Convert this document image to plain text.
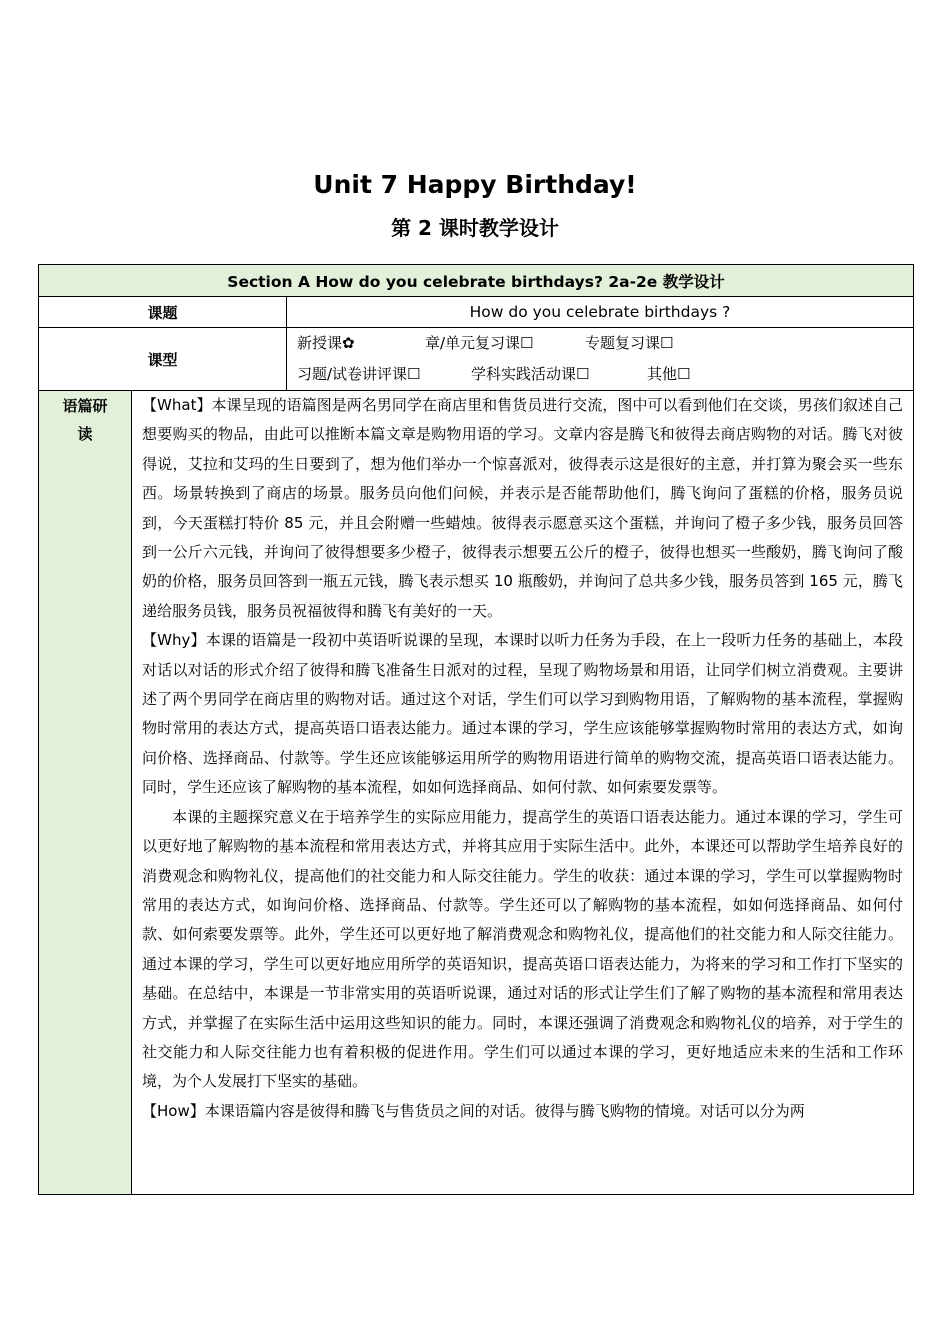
Unit 7 Happy Birthday!
第 2 课时教学设计
Section A How do you celebrate birthdays? 2a-2e 教学设计		
课题		How do you celebrate birthdays ?
课型		新授课✿ 章/单元复习课☐ 专题复习课☐
习题/试卷讲评课☐ 学科实践活动课☐ 其他☐

语篇研读	【What】本课呈现的语篇图是两名男同学在商店里和售货员进行交流，图中可以看到他们在交谈，男孩们叙述自己想要购买的物品，由此可以推断本篇文章是购物用语的学习。文章内容是腾飞和彼得去商店购物的对话。腾飞对彼得说，艾拉和艾玛的生日要到了，想为他们举办一个惊喜派对，彼得表示这是很好的主意，并打算为聚会买一些东西。场景转换到了商店的场景。服务员向他们问候，并表示是否能帮助他们，腾飞询问了蛋糕的价格，服务员说到，今天蛋糕打特价 85 元，并且会附赠一些蜡烛。彼得表示愿意买这个蛋糕，并询问了橙子多少钱，服务员回答到一公斤六元钱，并询问了彼得想要多少橙子，彼得表示想要五公斤的橙子，彼得也想买一些酸奶，腾飞询问了酸奶的价格，服务员回答到一瓶五元钱，腾飞表示想买 10 瓶酸奶，并询问了总共多少钱，服务员答到 165 元，腾飞递给服务员钱，服务员祝福彼得和腾飞有美好的一天。

【Why】本课的语篇是一段初中英语听说课的呈现，本课时以听力任务为手段，在上一段听力任务的基础上，本段对话以对话的形式介绍了彼得和腾飞准备生日派对的过程，呈现了购物场景和用语，让同学们树立消费观。主要讲述了两个男同学在商店里的购物对话。通过这个对话，学生们可以学习到购物用语，了解购物的基本流程，掌握购物时常用的表达方式，提高英语口语表达能力。通过本课的学习，学生应该能够掌握购物时常用的表达方式，如询问价格、选择商品、付款等。学生还应该能够运用所学的购物用语进行简单的购物交流，提高英语口语表达能力。同时，学生还应该了解购物的基本流程，如如何选择商品、如何付款、如何索要发票等。

本课的主题探究意义在于培养学生的实际应用能力，提高学生的英语口语表达能力。通过本课的学习，学生可以更好地了解购物的基本流程和常用表达方式，并将其应用于实际生活中。此外，本课还可以帮助学生培养良好的消费观念和购物礼仪，提高他们的社交能力和人际交往能力。学生的收获：通过本课的学习，学生可以掌握购物时常用的表达方式，如询问价格、选择商品、付款等。学生还可以了解购物的基本流程，如如何选择商品、如何付款、如何索要发票等。此外，学生还可以更好地了解消费观念和购物礼仪，提高他们的社交能力和人际交往能力。通过本课的学习，学生可以更好地应用所学的英语知识，提高英语口语表达能力，为将来的学习和工作打下坚实的基础。在总结中，本课是一节非常实用的英语听说课，通过对话的形式让学生们了解了购物的基本流程和常用表达方式，并掌握了在实际生活中运用这些知识的能力。同时，本课还强调了消费观念和购物礼仪的培养，对于学生的社交能力和人际交往能力也有着积极的促进作用。学生们可以通过本课的学习，更好地适应未来的生活和工作环境，为个人发展打下坚实的基础。

【How】本课语篇内容是彼得和腾飞与售货员之间的对话。彼得与腾飞购物的情境。对话可以分为两	
